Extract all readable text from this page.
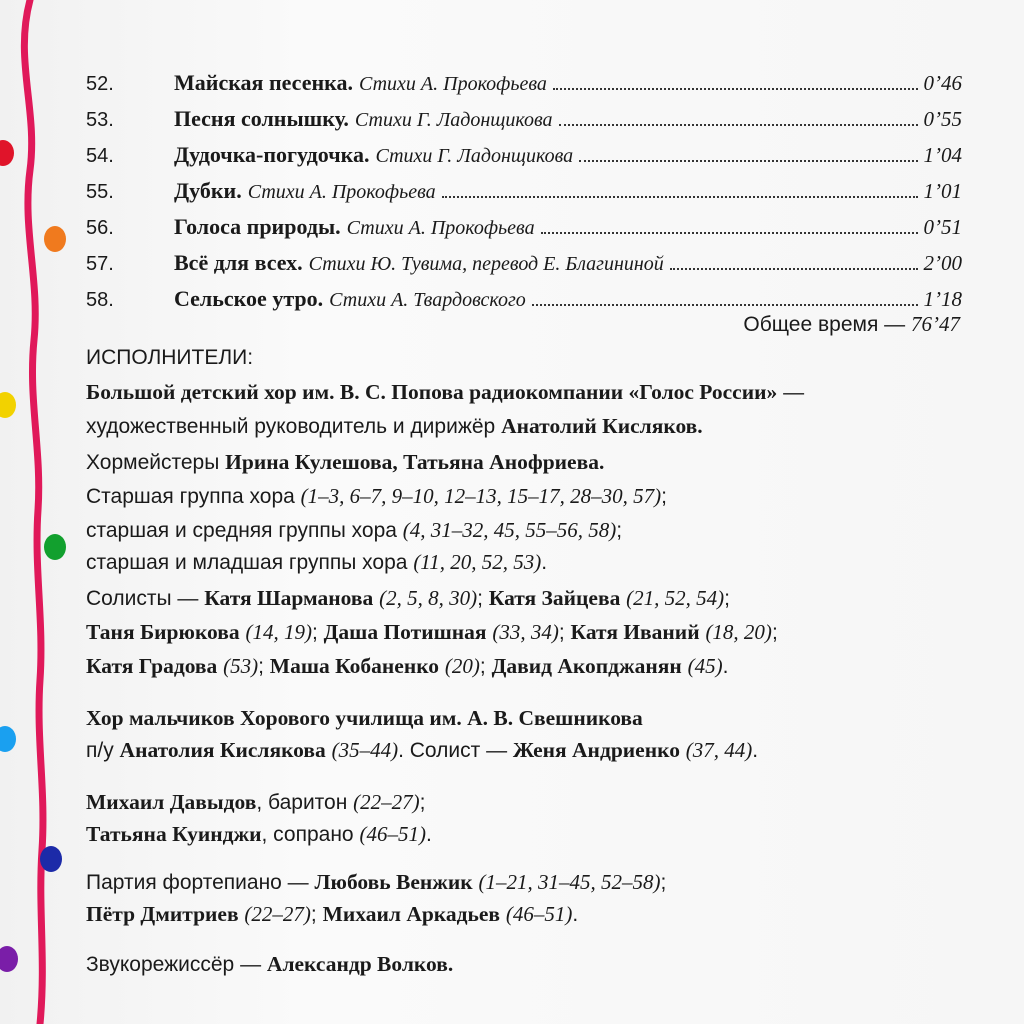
52.	Майская песенка. Стихи А. Прокофьева	0’46
53.	Песня солнышку. Стихи Г. Ладонщикова	0’55
54.	Дудочка-погудочка. Стихи Г. Ладонщикова	1’04
55.	Дубки. Стихи А. Прокофьева	1’01
56.	Голоса природы. Стихи А. Прокофьева	0’51
57.	Всё для всех. Стихи Ю. Тувима, перевод Е. Благининой	2’00
58.	Сельское утро. Стихи А. Твардовского	1’18
Общее время — 76’47
ИСПОЛНИТЕЛИ:
Большой детский хор им. В. С. Попова радиокомпании «Голос России» —
художественный руководитель и дирижёр Анатолий Кисляков.
Хормейстеры Ирина Кулешова, Татьяна Анофриева.
Старшая группа хора (1–3, 6–7, 9–10, 12–13, 15–17, 28–30, 57);
старшая и средняя группы хора (4, 31–32, 45, 55–56, 58);
старшая и младшая группы хора (11, 20, 52, 53).
Солисты — Катя Шарманова (2, 5, 8, 30); Катя Зайцева (21, 52, 54);
Таня Бирюкова (14, 19); Даша Потишная (33, 34); Катя Иваний (18, 20);
Катя Градова (53); Маша Кобаненко (20); Давид Акопджанян (45).
Хор мальчиков Хорового училища им. А. В. Свешникова
п/у Анатолия Кислякова (35–44). Солист — Женя Андриенко (37, 44).
Михаил Давыдов, баритон (22–27);
Татьяна Куинджи, сопрано (46–51).
Партия фортепиано — Любовь Венжик (1–21, 31–45, 52–58);
Пётр Дмитриев (22–27); Михаил Аркадьев (46–51).
Звукорежиссёр — Александр Волков.
